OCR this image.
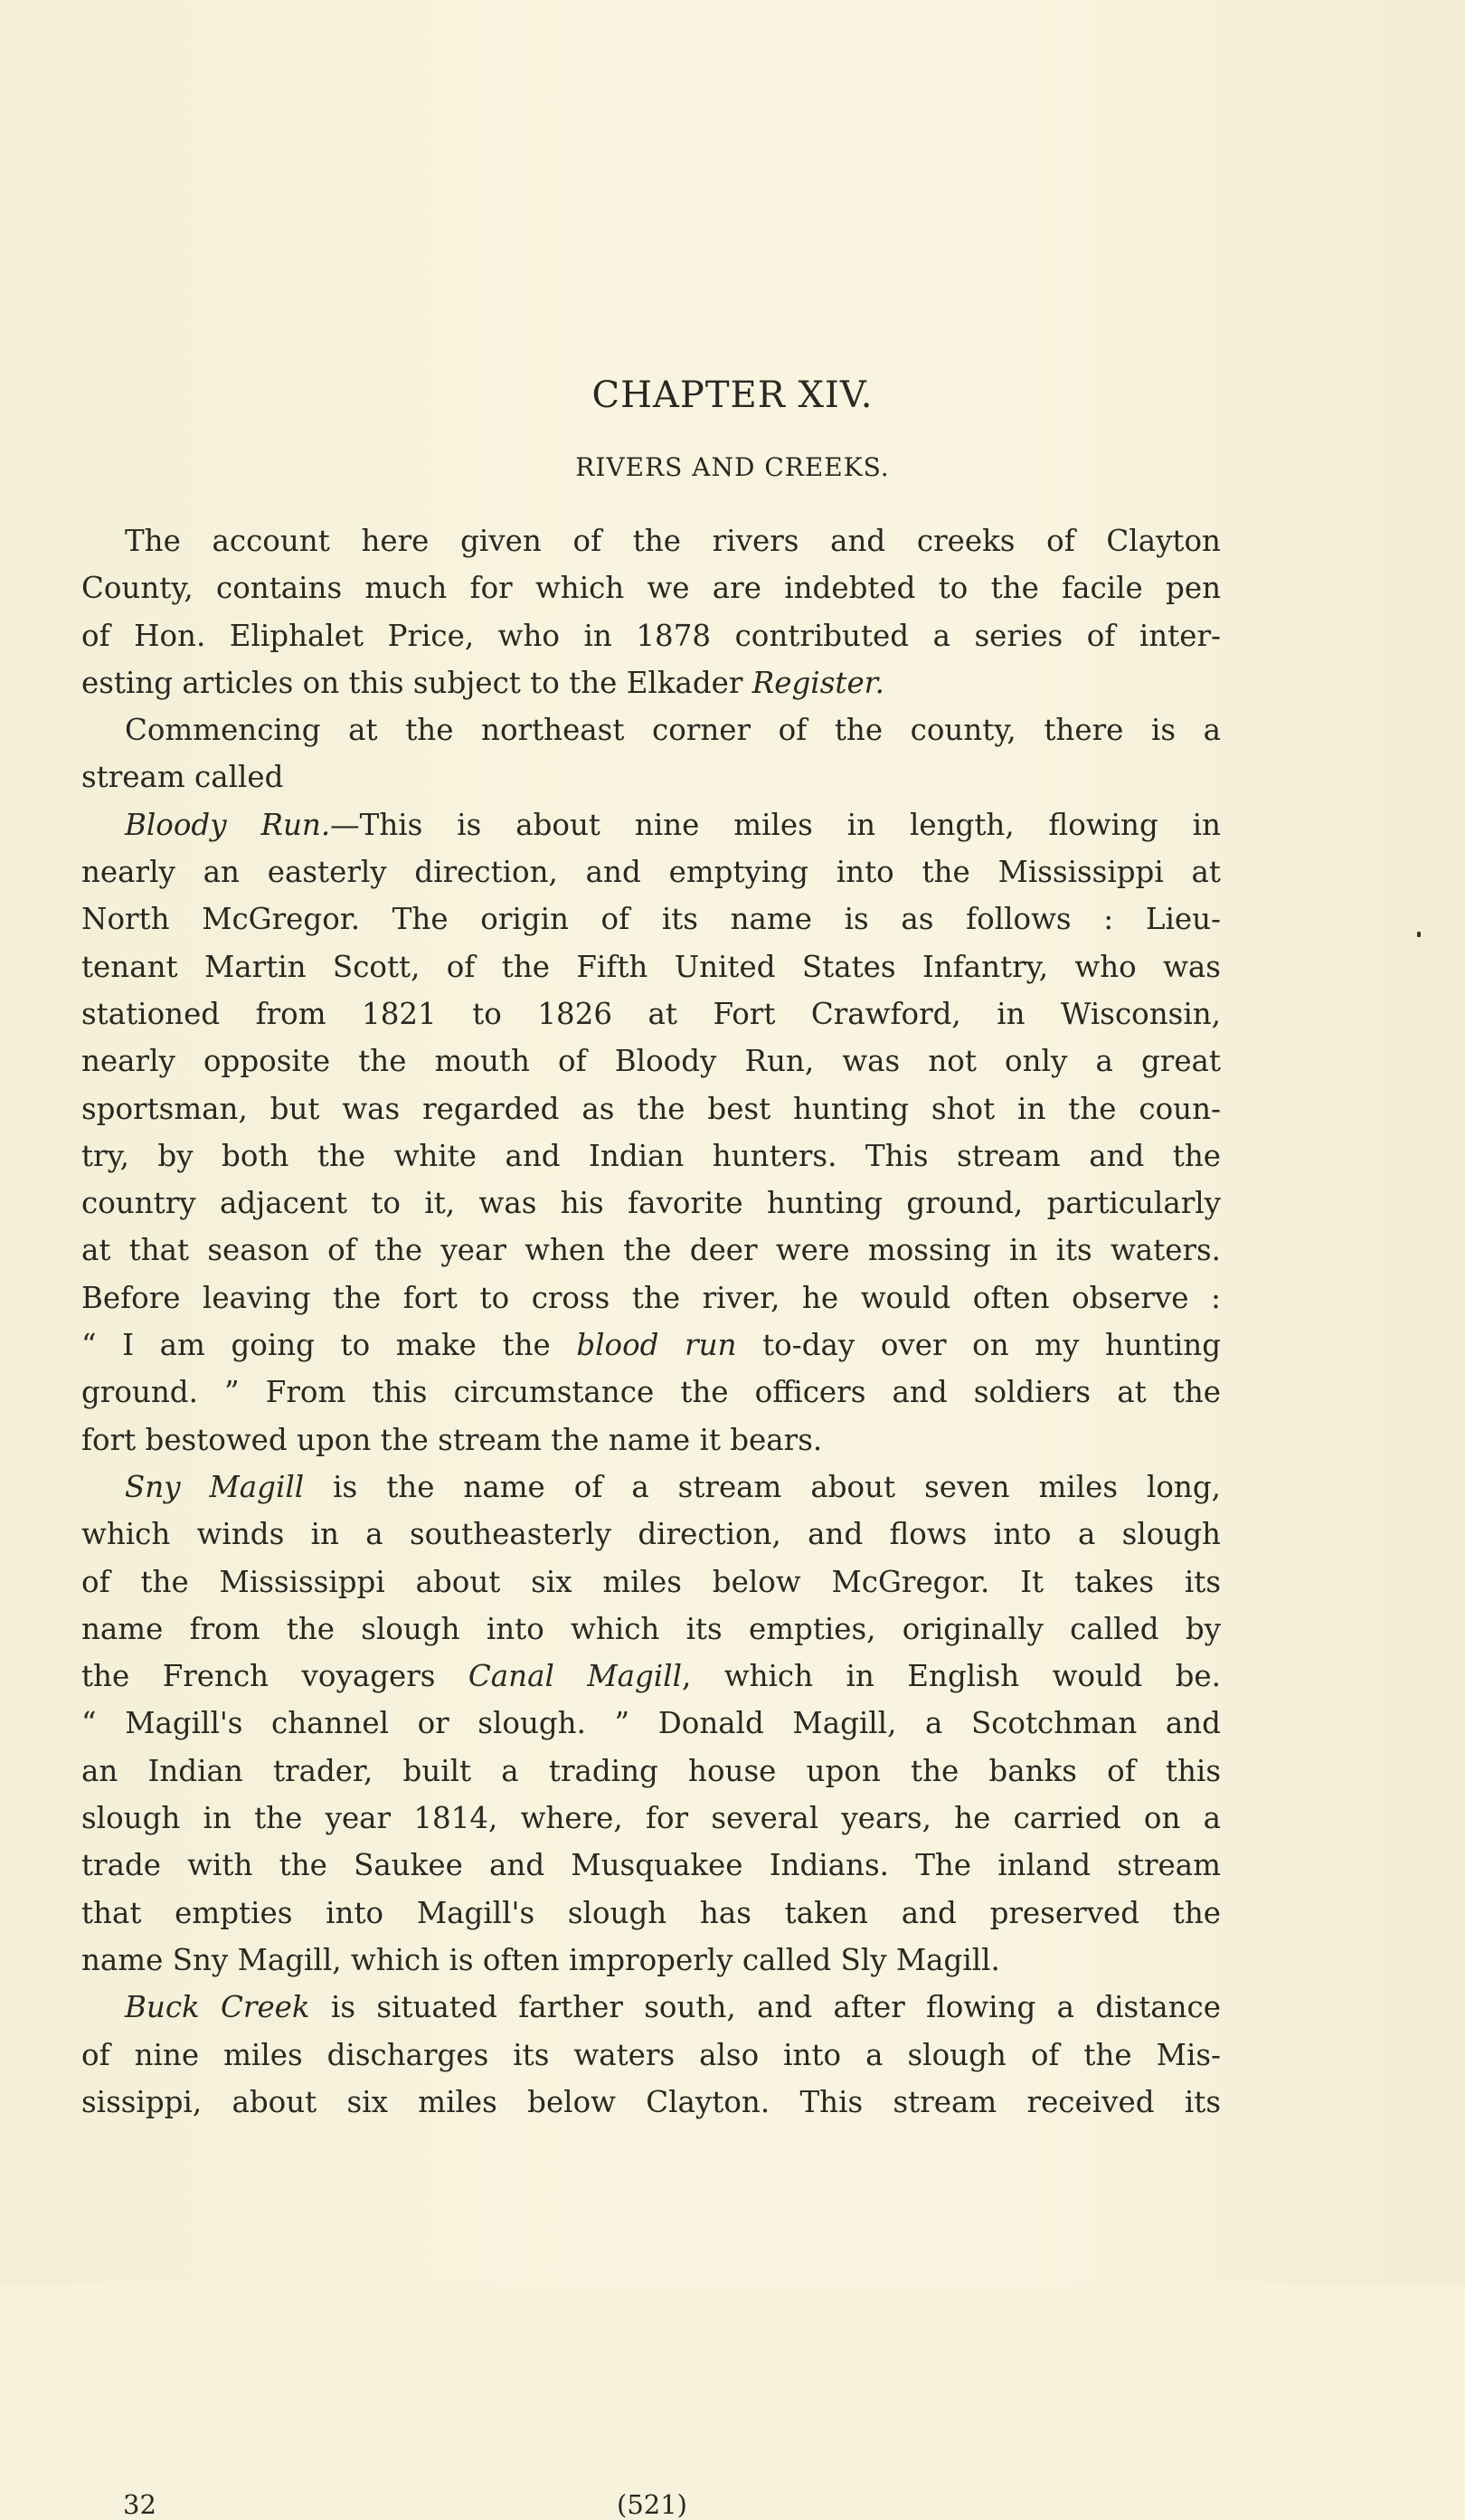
CHAPTER XIV.
RIVERS AND CREEKS.
The account here given of the rivers and creeks of Clayton
County, contains much for which we are indebted to the facile pen
of Hon. Eliphalet Price, who in 1878 contributed a series of inter-
esting articles on this subject to the Elkader Register.
Commencing at the northeast corner of the county, there is a
stream called
Bloody Run.—This is about nine miles in length, flowing in
nearly an easterly direction, and emptying into the Mississippi at
North McGregor. The origin of its name is as follows : Lieu-
tenant Martin Scott, of the Fifth United States Infantry, who was
stationed from 1821 to 1826 at Fort Crawford, in Wisconsin,
nearly opposite the mouth of Bloody Run, was not only a great
sportsman, but was regarded as the best hunting shot in the coun-
try, by both the white and Indian hunters. This stream and the
country adjacent to it, was his favorite hunting ground, particularly
at that season of the year when the deer were mossing in its waters.
Before leaving the fort to cross the river, he would often observe :
“ I am going to make the blood run to-day over on my hunting
ground. ” From this circumstance the officers and soldiers at the
fort bestowed upon the stream the name it bears.
Sny Magill is the name of a stream about seven miles long,
which winds in a southeasterly direction, and flows into a slough
of the Mississippi about six miles below McGregor. It takes its
name from the slough into which its empties, originally called by
the French voyagers Canal Magill, which in English would be.
“ Magill's channel or slough. ” Donald Magill, a Scotchman and
an Indian trader, built a trading house upon the banks of this
slough in the year 1814, where, for several years, he carried on a
trade with the Saukee and Musquakee Indians. The inland stream
that empties into Magill's slough has taken and preserved the
name Sny Magill, which is often improperly called Sly Magill.
Buck Creek is situated farther south, and after flowing a distance
of nine miles discharges its waters also into a slough of the Mis-
sissippi, about six miles below Clayton. This stream received its
32	(521)
